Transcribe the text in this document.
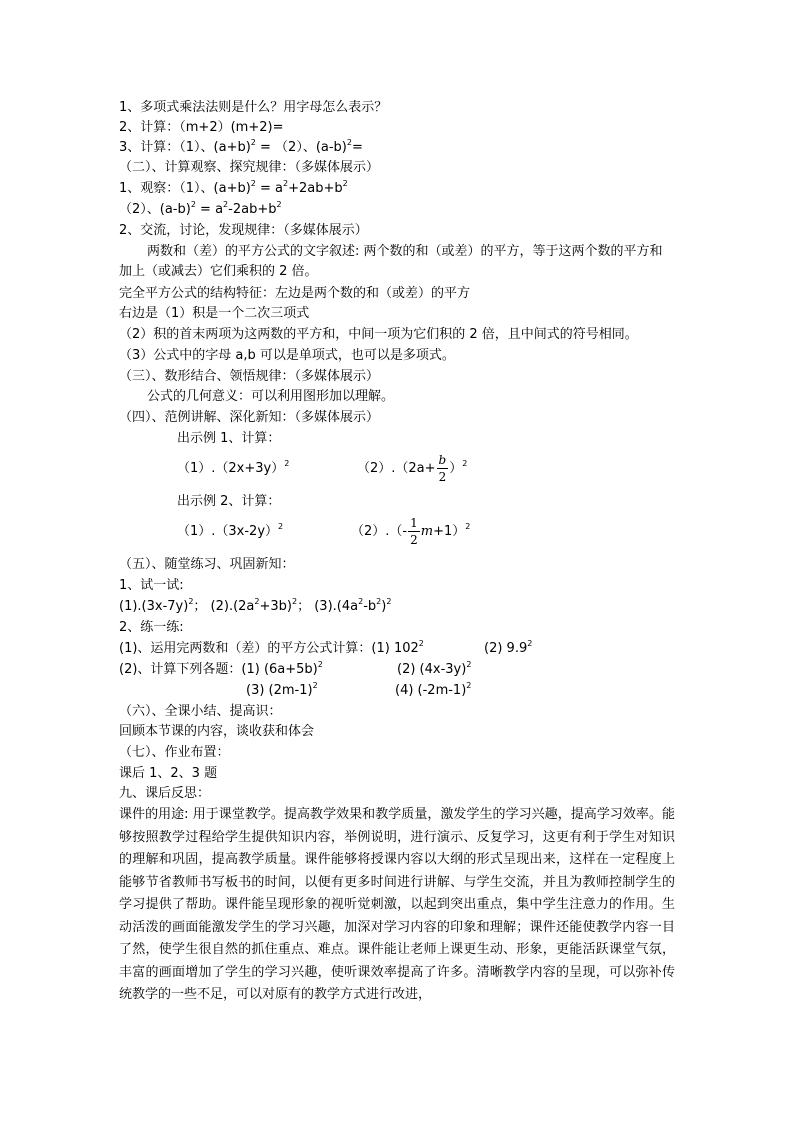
1、多项式乘法法则是什么？用字母怎么表示？
2、计算：（m+2）(m+2)=
3、计算：（1）、$(a+b)^2 = (2)$、$(a-b)^2=$
（二）、计算观察、探究规律：（多媒体展示）
1、观察：（1）、$(a+b)^2 = a^2+2ab+b^2$
（2）、$(a-b)^2 = a^2-2ab+b^2$
2、交流，讨论，发现规律：（多媒体展示）
两数和（差）的平方公式的文字叙述: 两个数的和（或差）的平方，等于这两个数的平方和加上（或减去）它们乘积的 2 倍。
完全平方公式的结构特征：左边是两个数的和（或差）的平方
右边是（1）积是一个二次三项式
（2）积的首末两项为这两数的平方和，中间一项为它们积的 2 倍，且中间式的符号相同。
（3）公式中的字母 a,b 可以是单项式，也可以是多项式。
（三）、数形结合、领悟规律：（多媒体展示）
公式的几何意义：可以利用图形加以理解。
（四）、范例讲解、深化新知：（多媒体展示）
出示例 1、计算：
$(1).(2x+3y)^2$	$(2).(2a+ \frac{b}{2} )^2$
出示例 2、计算：
$(1).(3x-2y)^2$	$(2).(- \frac{1}{2} m+1)^2$
（五）、随堂练习、巩固新知：
1、试一试:
$(1).(3x-7y)^2$； $(2).(2a^2+3b)^2$； $(3).(4a^2-b^2)^2$
2、练一练:
(1)、运用完两数和（差）的平方公式计算：(1) $102^2$	(2) $9.9^2$
(2)、计算下列各题：(1) $(6a+5b)^2$	(2) $(4x-3y)^2$
(3) $(2m-1)^2$	(4) $(-2m-1)^2$
（六）、全课小结、提高识：
回顾本节课的内容，谈收获和体会
（七）、作业布置：
课后 1、2、3 题
九、课后反思：
课件的用途: 用于课堂教学。提高教学效果和教学质量，激发学生的学习兴趣，提高学习效率。能够按照教学过程给学生提供知识内容，举例说明，进行演示、反复学习，这更有利于学生对知识的理解和巩固，提高教学质量。课件能够将授课内容以大纲的形式呈现出来，这样在一定程度上能够节省教师书写板书的时间，以便有更多时间进行讲解、与学生交流，并且为教师控制学生的学习提供了帮助。课件能呈现形象的视听觉刺激，以起到突出重点，集中学生注意力的作用。生动活泼的画面能激发学生的学习兴趣，加深对学习内容的印象和理解；课件还能使教学内容一目了然，使学生很自然的抓住重点、难点。课件能让老师上课更生动、形象，更能活跃课堂气氛，丰富的画面增加了学生的学习兴趣，使听课效率提高了许多。清晰教学内容的呈现，可以弥补传统教学的一些不足，可以对原有的教学方式进行改进，
